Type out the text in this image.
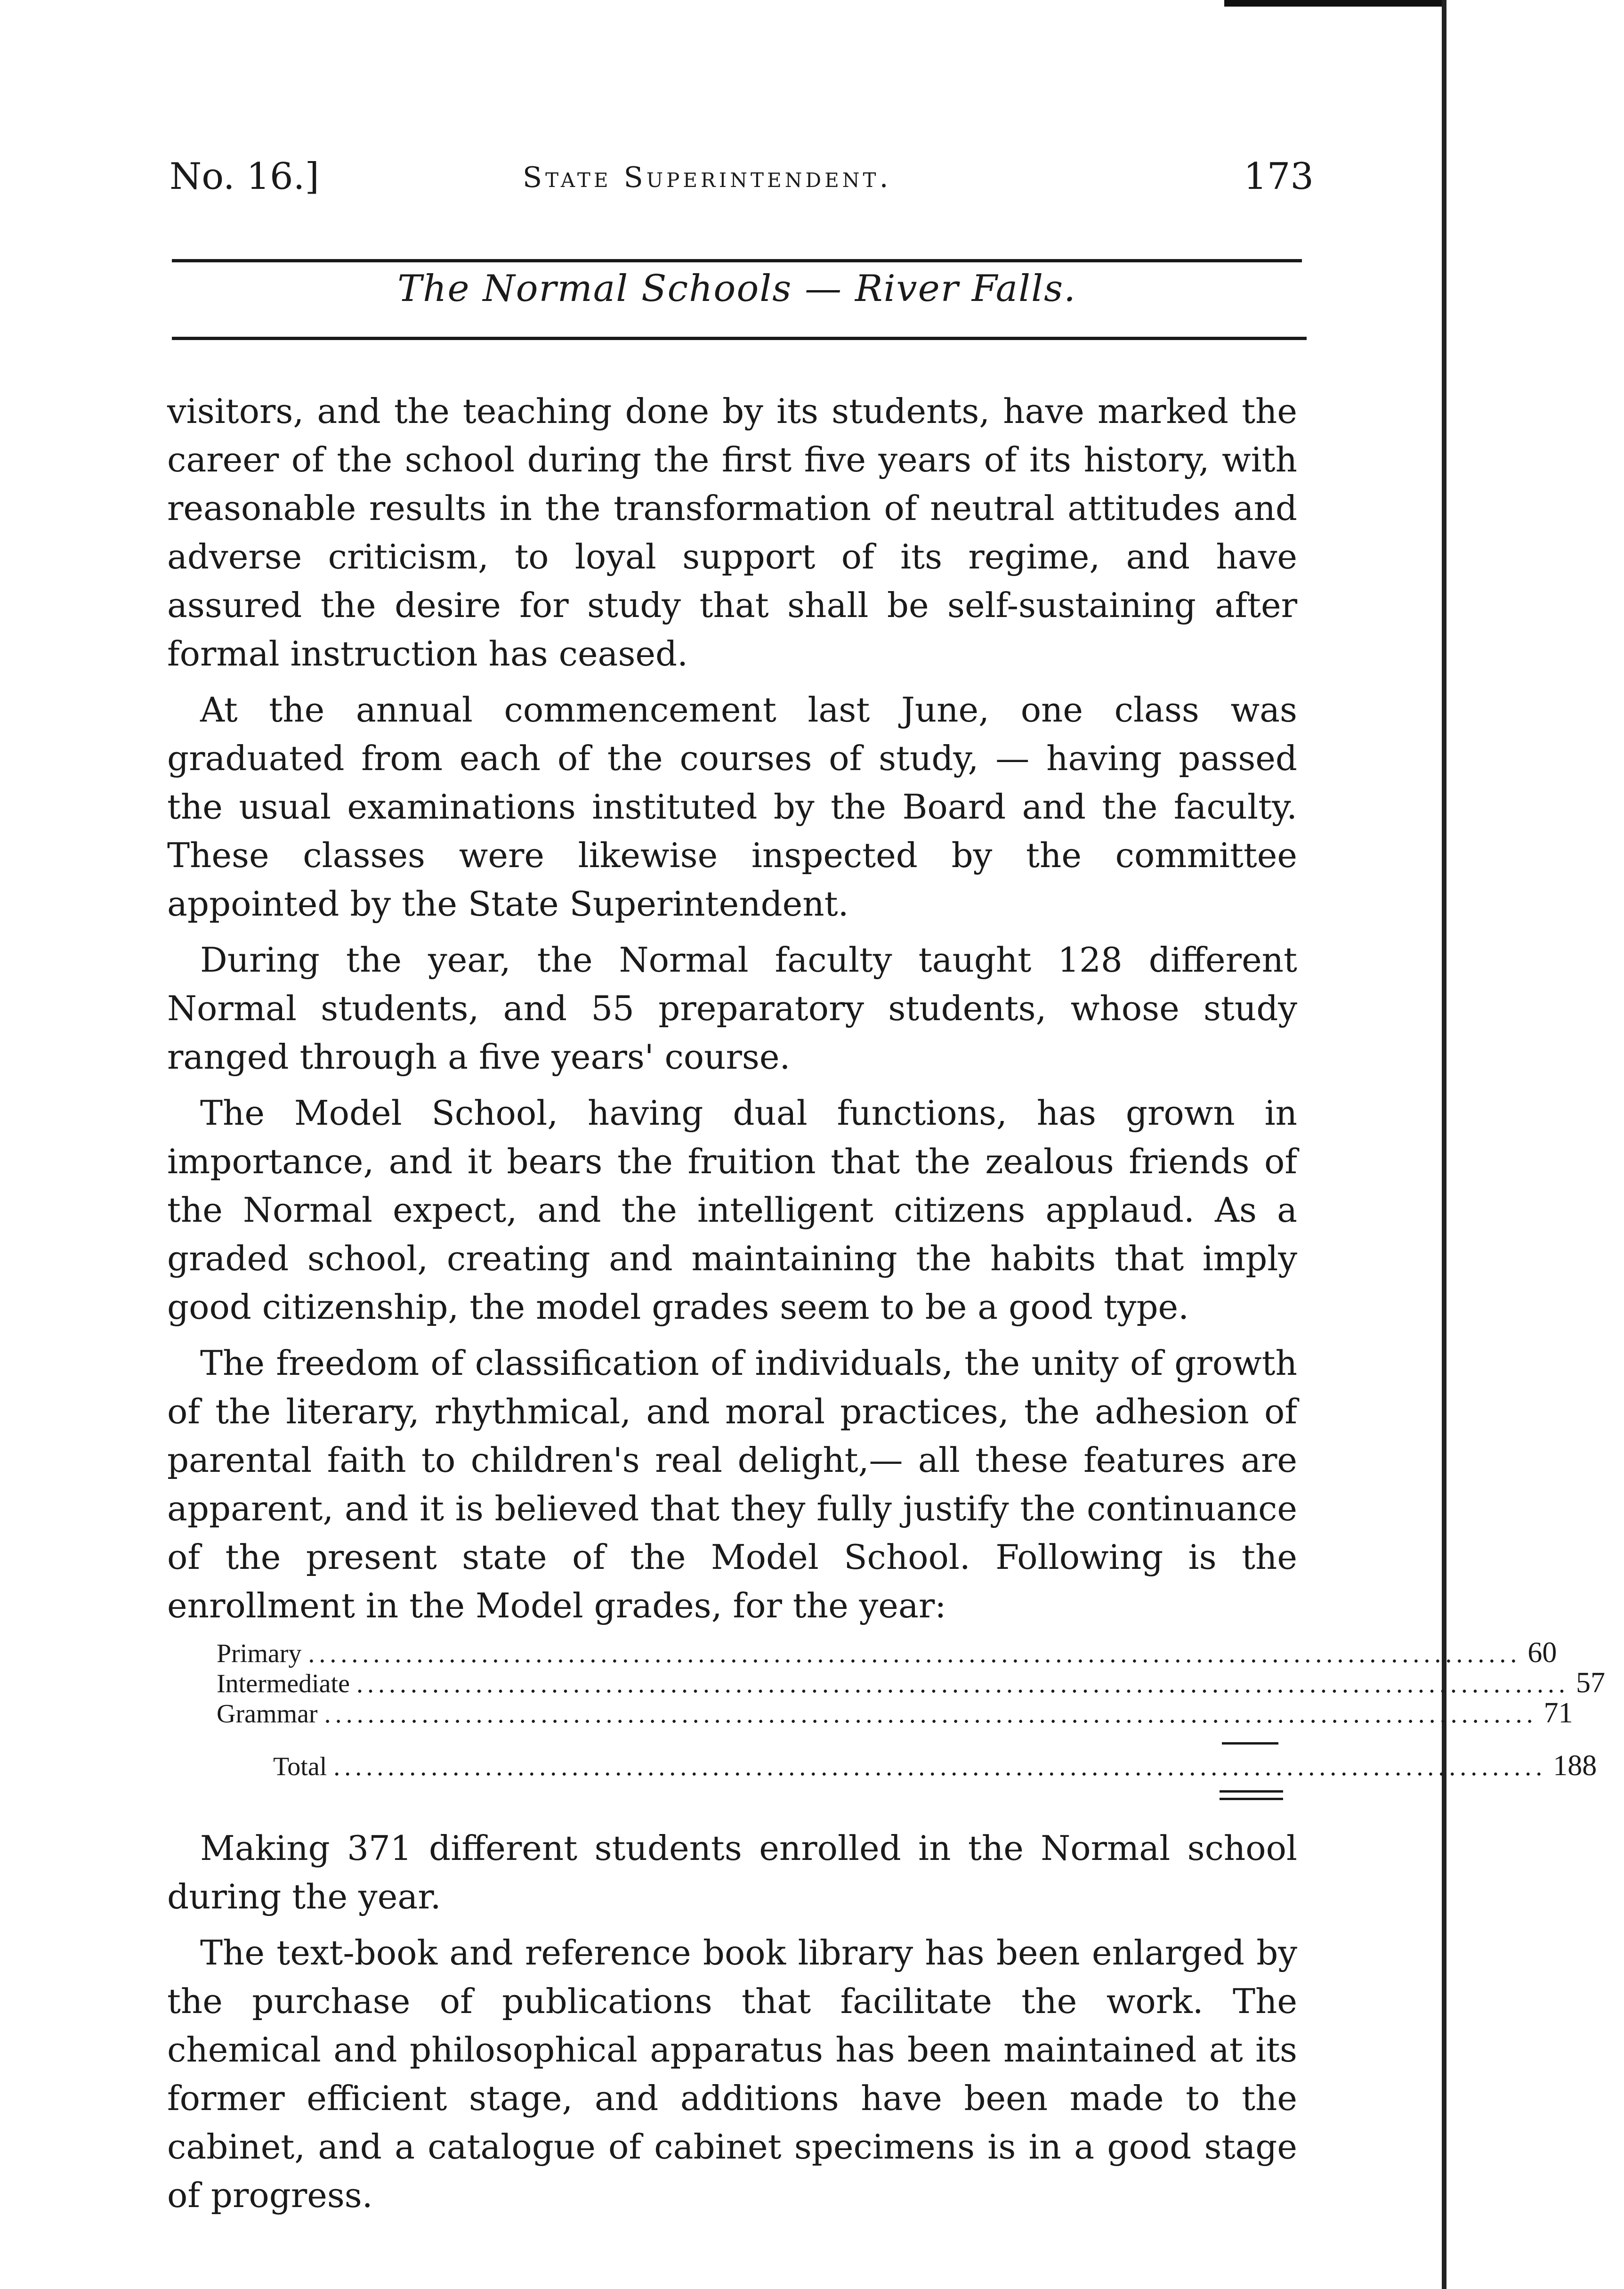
No. 16.]	State Superintendent.	173
The Normal Schools — River Falls.

visitors, and the teaching done by its students, have marked the career of the school during the first five years of its history, with reasonable results in the transformation of neutral attitudes and adverse criticism, to loyal support of its regime, and have assured the desire for study that shall be self-sustaining after formal instruction has ceased.

At the annual commencement last June, one class was graduated from each of the courses of study, — having passed the usual examinations instituted by the Board and the faculty. These classes were likewise inspected by the committee appointed by the State Superintendent.

During the year, the Normal faculty taught 128 different Normal students, and 55 preparatory students, whose study ranged through a five years' course.

The Model School, having dual functions, has grown in importance, and it bears the fruition that the zealous friends of the Normal expect, and the intelligent citizens applaud. As a graded school, creating and maintaining the habits that imply good citizenship, the model grades seem to be a good type.

The freedom of classification of individuals, the unity of growth of the literary, rhythmical, and moral practices, the adhesion of parental faith to children's real delight,— all these features are apparent, and it is believed that they fully justify the continuance of the present state of the Model School. Following is the enrollment in the Model grades, for the year:

Primary ................................................................................................................ 60
Intermediate ................................................................................................................ 57
Grammar ................................................................................................................ 71
Total ................................................................................................................ 188

Making 371 different students enrolled in the Normal school during the year.

The text-book and reference book library has been enlarged by the purchase of publications that facilitate the work. The chemical and philosophical apparatus has been maintained at its former efficient stage, and additions have been made to the cabinet, and a catalogue of cabinet specimens is in a good stage of progress.
